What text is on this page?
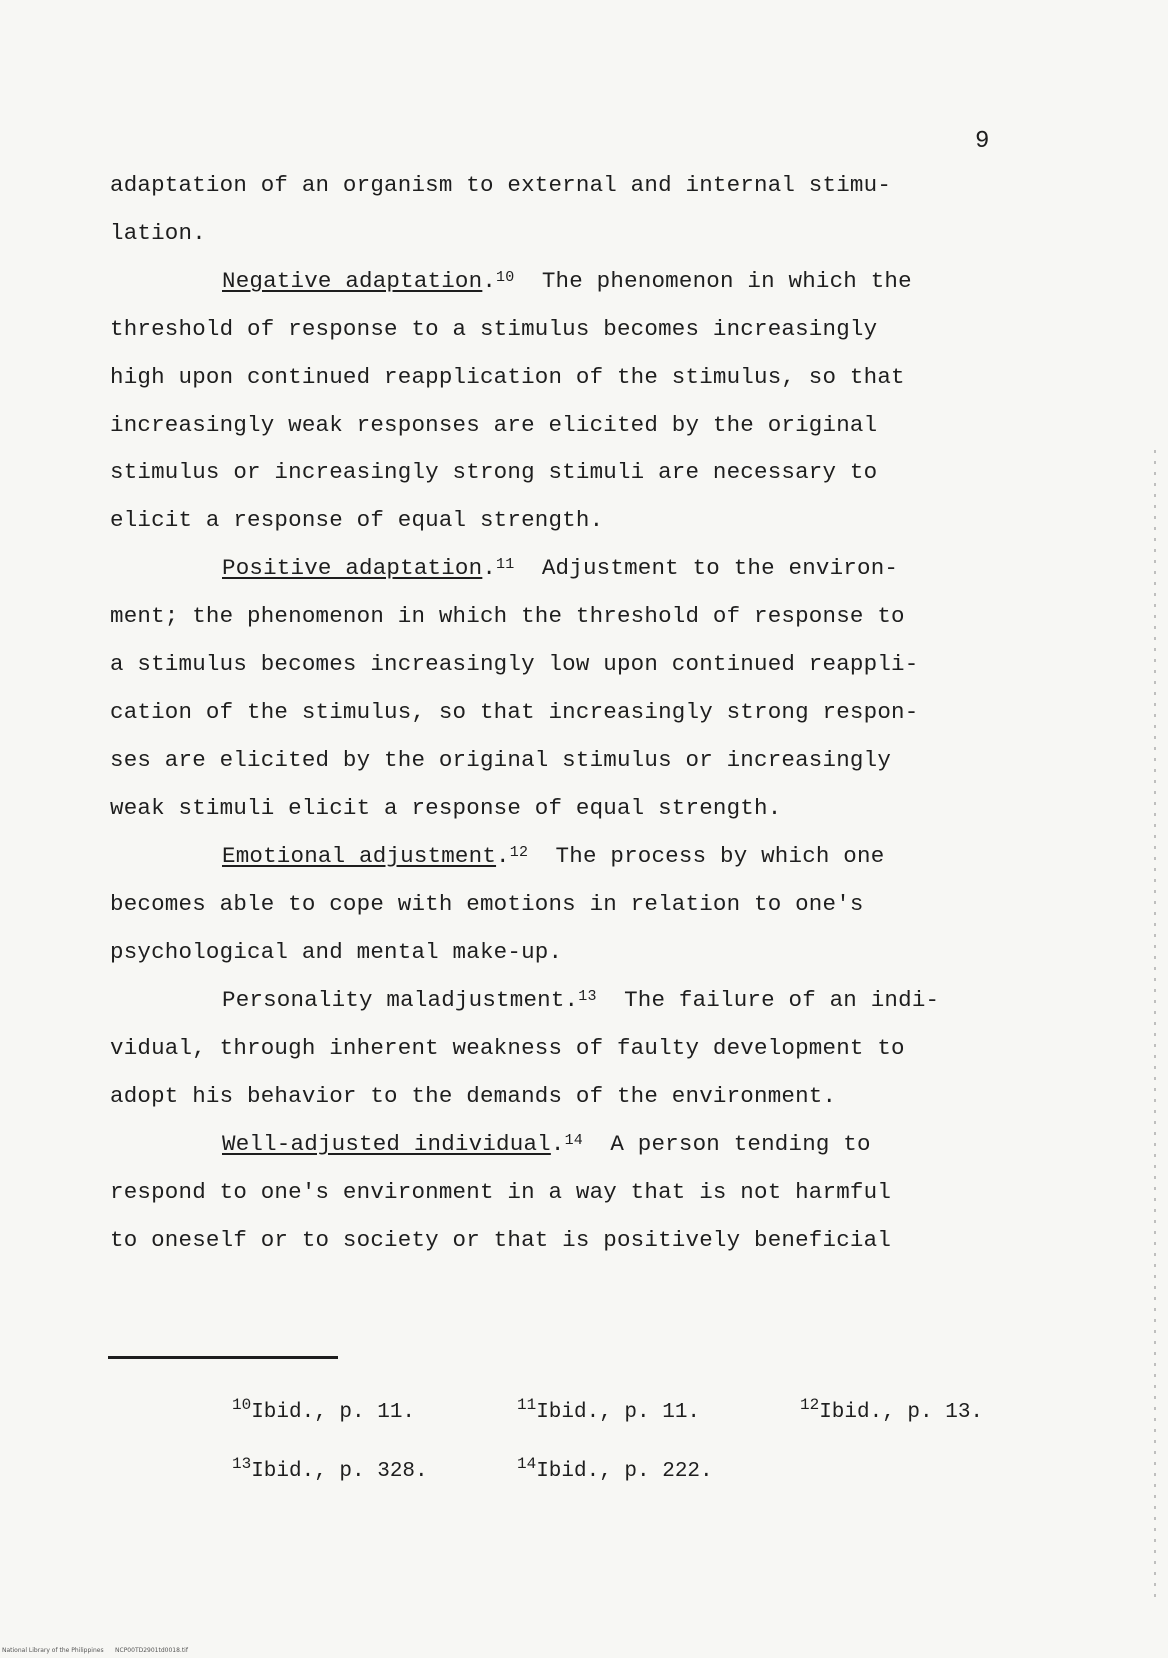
9
adaptation of an organism to external and internal stimu-
lation.
Negative adaptation.$^{10}$  The phenomenon in which the
threshold of response to a stimulus becomes increasingly
high upon continued reapplication of the stimulus, so that
increasingly weak responses are elicited by the original
stimulus or increasingly strong stimuli are necessary to
elicit a response of equal strength.
Positive adaptation.$^{11}$  Adjustment to the environ-
ment; the phenomenon in which the threshold of response to
a stimulus becomes increasingly low upon continued reappli-
cation of the stimulus, so that increasingly strong respon-
ses are elicited by the original stimulus or increasingly
weak stimuli elicit a response of equal strength.
Emotional adjustment.$^{12}$  The process by which one
becomes able to cope with emotions in relation to one's
psychological and mental make-up.
Personality maladjustment.$^{13}$  The failure of an indi-
vidual, through inherent weakness of faulty development to
adopt his behavior to the demands of the environment.
Well-adjusted individual.$^{14}$  A person tending to
respond to one's environment in a way that is not harmful
to oneself or to society or that is positively beneficial
$^{10}$Ibid., p. 11.	$^{11}$Ibid., p. 11.	$^{12}$Ibid., p. 13.
$^{13}$Ibid., p. 328.	$^{14}$Ibid., p. 222.
National Library of the Philippines      NCP00TD2901td0018.tif
